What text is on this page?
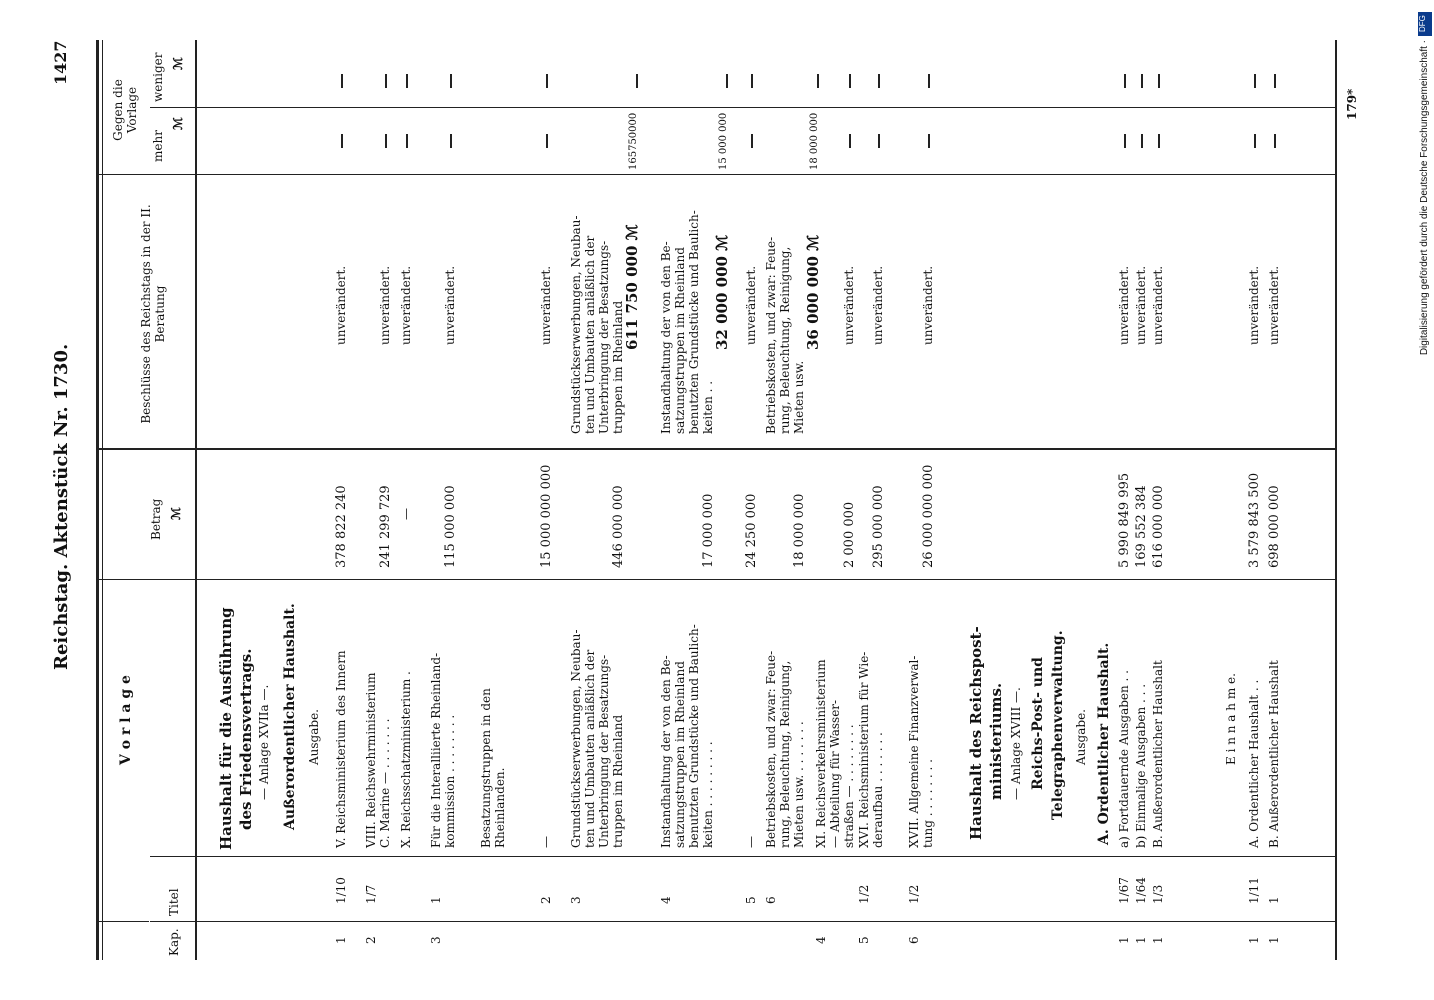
Reichstag. Aktenstück Nr. 1730.
1427
Kap.
Titel
V o r l a g e
Betrag ℳ
Beschlüsse des Reichstags in der II. Beratung
Gegen die Vorlage
mehr
ℳ
weniger ℳ
Haushalt für die Ausführung des Friedensvertrags. — Anlage XVIIa —. Außerordentlicher Haushalt. Ausgabe.	Haushalt des Reichspost- ministeriums. — Anlage XVIII —. Reichs-Post- und Telegraphenverwaltung. Ausgabe. A. Ordentlicher Haushalt.	E i n n a h m e.
179*
1
1/10
V. Reichsministerium des Innern
378 822 240
unverändert.
2
1/7
VIII. Reichswehrministerium C. Marine — . . . . . . .
241 299 729
unverändert.
X. Reichsschatzministerium .
—
unverändert.
3
1
Für die Interalliierte Rheinland- kommission . . . . . . . .
115 000 000
unverändert.
Besatzungstruppen in den Rheinlanden.
2
—
15 000 000 000
unverändert.
3
Grundstückserwerbungen, Neubau- ten und Umbauten anläßlich der Unterbringung der Besatzungs- truppen im Rheinland
446 000 000
Grundstückserwerbungen, Neubau- ten und Umbauten anläßlich der Unterbringung der Besatzungs- truppen im Rheinland
611 750 000 ℳ
165750000
4
Instandhaltung der von den Be- satzungstruppen im Rheinland benutzten Grundstücke und Baulich- keiten . . . . . . . . .
17 000 000
Instandhaltung der von den Be- satzungstruppen im Rheinland benutzten Grundstücke und Baulich- keiten . .
32 000 000 ℳ
15 000 000
5
—
24 250 000
unverändert.
6
Betriebskosten, und zwar: Feue- rung, Beleuchtung, Reinigung, Mieten usw. . . . . . . .
18 000 000
Betriebskosten, und zwar: Feue- rung, Beleuchtung, Reinigung, Mieten usw.
36 000 000 ℳ
18 000 000
4
XI. Reichsverkehrsministerium — Abteilung für Wasser- straßen — . . . . . . . .
2 000 000
unverändert.
5
1/2
XVI. Reichsministerium für Wie- deraufbau . . . . . . .
295 000 000
unverändert.
6
1/2
XVII. Allgemeine Finanzverwal- tung . . . . . . . .
26 000 000 000
unverändert.
1
1/67
a) Fortdauernde Ausgaben . .
5 990 849 995
unverändert.
1
1/64
b) Einmalige Ausgaben . . .
169 552 384
unverändert.
1
1/3
B. Außerordentlicher Haushalt
616 000 000
unverändert.
1
1/11
A. Ordentlicher Haushalt . .
3 579 843 500
unverändert.
1
1
B. Außerordentlicher Haushalt
698 000 000
unverändert.
DFG
Digitalisierung gefördert durch die Deutsche Forschungsgemeinschaft ·
